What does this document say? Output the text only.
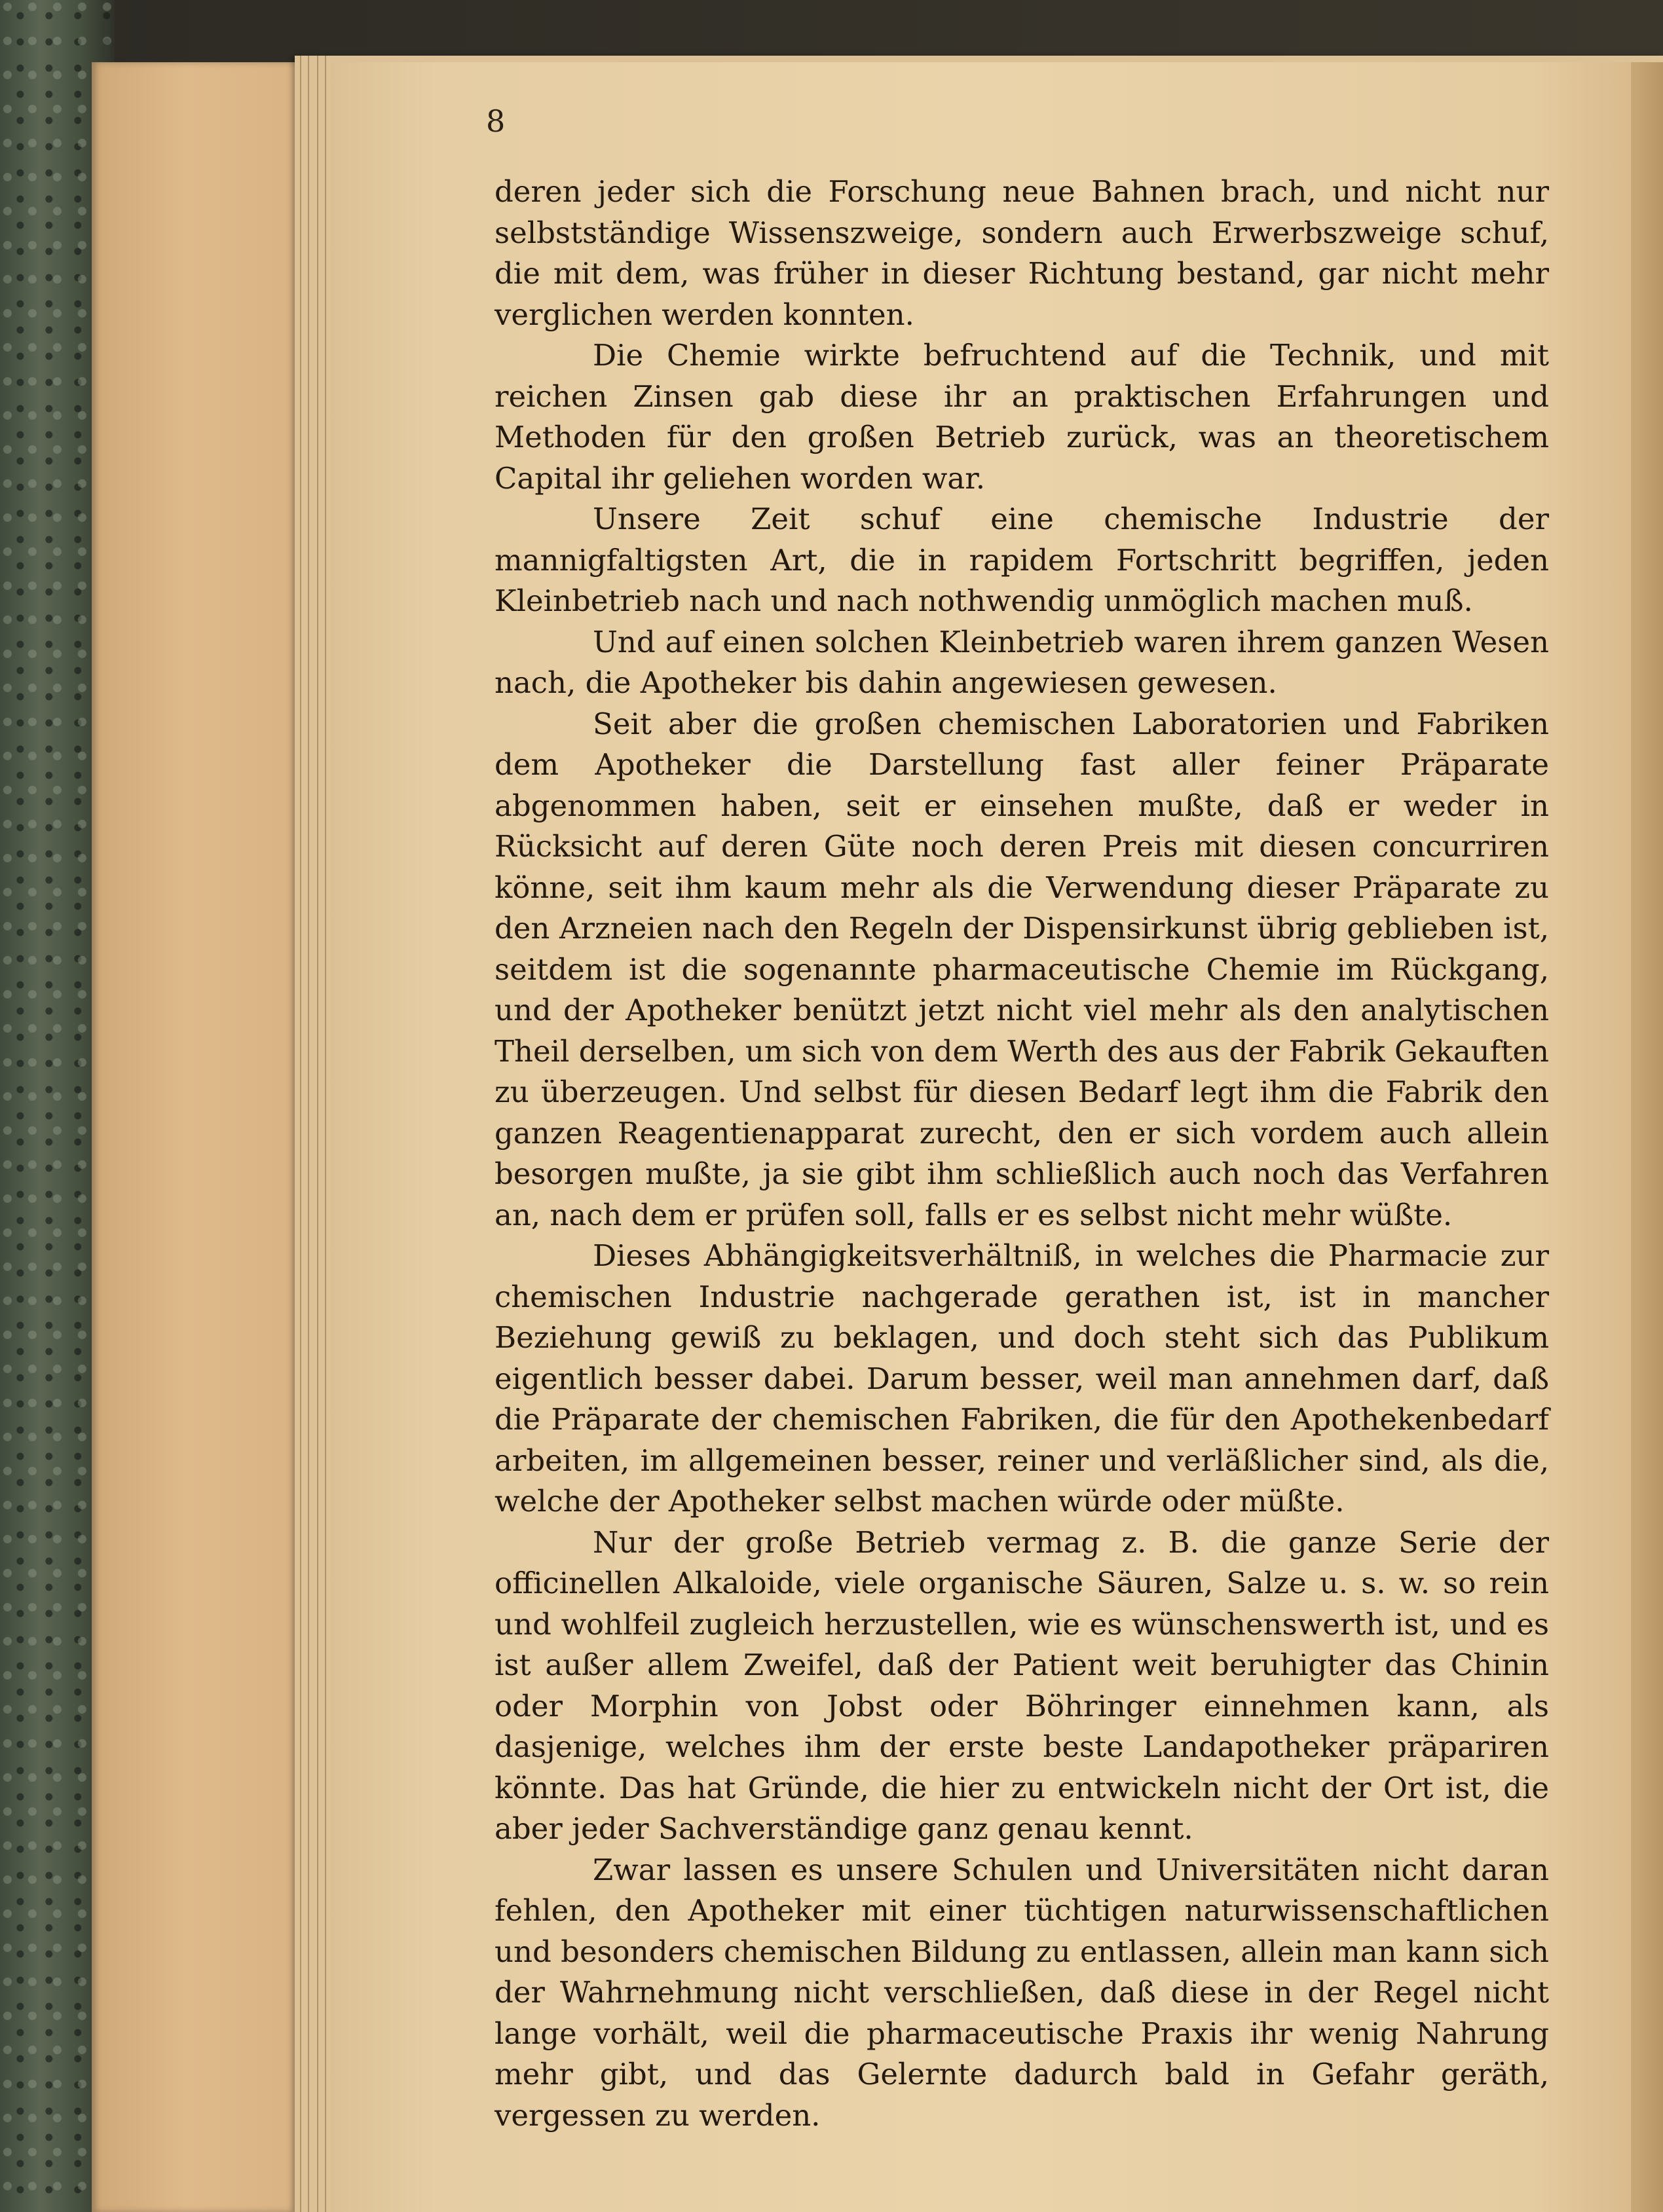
8

deren jeder sich die Forschung neue Bahnen brach, und nicht nur selbstständige Wissenszweige, sondern auch Erwerbszweige schuf, die mit dem, was früher in dieser Richtung bestand, gar nicht mehr verglichen werden konnten.

Die Chemie wirkte befruchtend auf die Technik, und mit reichen Zinsen gab diese ihr an praktischen Erfahrungen und Methoden für den großen Betrieb zurück, was an theoretischem Capital ihr geliehen worden war.

Unsere Zeit schuf eine chemische Industrie der mannigfaltigsten Art, die in rapidem Fortschritt begriffen, jeden Kleinbetrieb nach und nach nothwendig unmöglich machen muß.

Und auf einen solchen Kleinbetrieb waren ihrem ganzen Wesen nach, die Apotheker bis dahin angewiesen gewesen.

Seit aber die großen chemischen Laboratorien und Fabriken dem Apotheker die Darstellung fast aller feiner Präparate abgenommen haben, seit er einsehen mußte, daß er weder in Rücksicht auf deren Güte noch deren Preis mit diesen concurriren könne, seit ihm kaum mehr als die Verwendung dieser Präparate zu den Arzneien nach den Regeln der Dispensirkunst übrig geblieben ist, seitdem ist die sogenannte pharmaceutische Chemie im Rückgang, und der Apotheker benützt jetzt nicht viel mehr als den analytischen Theil derselben, um sich von dem Werth des aus der Fabrik Gekauften zu überzeugen. Und selbst für diesen Bedarf legt ihm die Fabrik den ganzen Reagentienapparat zurecht, den er sich vordem auch allein besorgen mußte, ja sie gibt ihm schließlich auch noch das Verfahren an, nach dem er prüfen soll, falls er es selbst nicht mehr wüßte.

Dieses Abhängigkeitsverhältniß, in welches die Pharmacie zur chemischen Industrie nachgerade gerathen ist, ist in mancher Beziehung gewiß zu beklagen, und doch steht sich das Publikum eigentlich besser dabei. Darum besser, weil man annehmen darf, daß die Präparate der chemischen Fabriken, die für den Apothekenbedarf arbeiten, im allgemeinen besser, reiner und verläßlicher sind, als die, welche der Apotheker selbst machen würde oder müßte.

Nur der große Betrieb vermag z. B. die ganze Serie der officinellen Alkaloide, viele organische Säuren, Salze u. s. w. so rein und wohlfeil zugleich herzustellen, wie es wünschenswerth ist, und es ist außer allem Zweifel, daß der Patient weit beruhigter das Chinin oder Morphin von Jobst oder Böhringer einnehmen kann, als dasjenige, welches ihm der erste beste Landapotheker präpariren könnte. Das hat Gründe, die hier zu entwickeln nicht der Ort ist, die aber jeder Sachverständige ganz genau kennt.

Zwar lassen es unsere Schulen und Universitäten nicht daran fehlen, den Apotheker mit einer tüchtigen naturwissenschaftlichen und besonders chemischen Bildung zu entlassen, allein man kann sich der Wahrnehmung nicht verschließen, daß diese in der Regel nicht lange vorhält, weil die pharmaceutische Praxis ihr wenig Nahrung mehr gibt, und das Gelernte dadurch bald in Gefahr geräth, vergessen zu werden.
